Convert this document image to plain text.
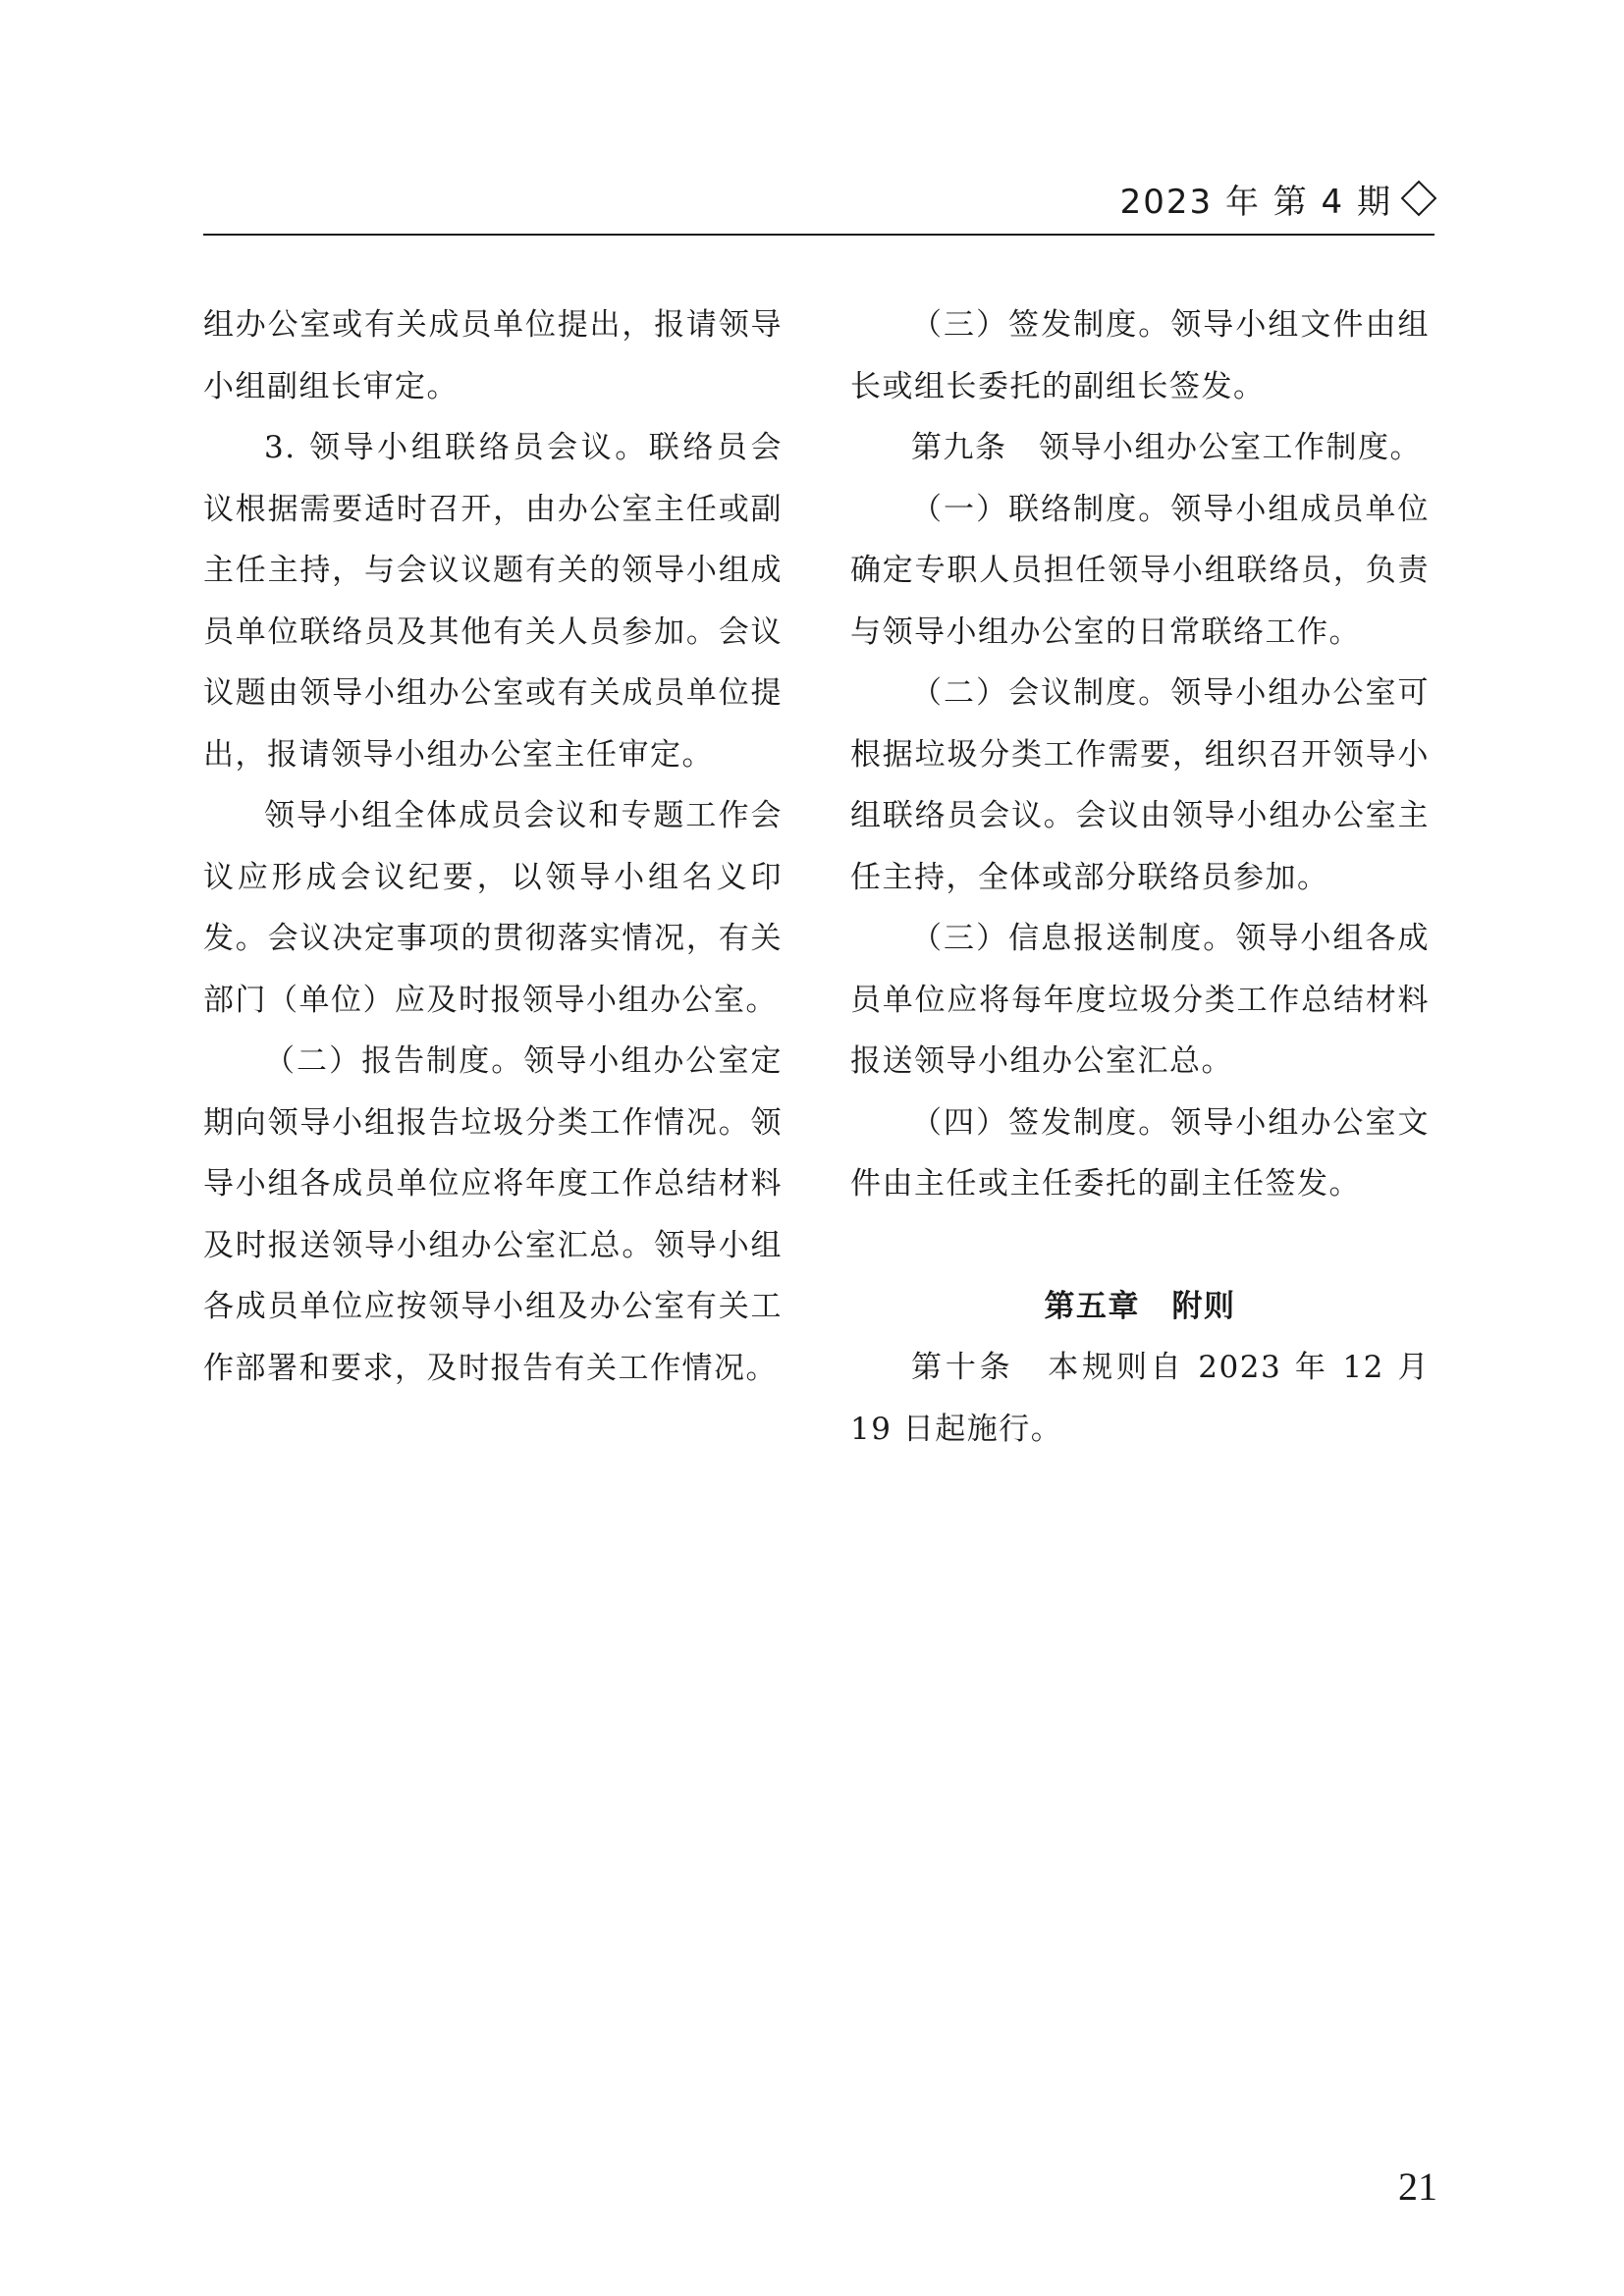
2023 年 第 4 期

组办公室或有关成员单位提出，报请领导小组副组长审定。

3. 领导小组联络员会议。联络员会议根据需要适时召开，由办公室主任或副主任主持，与会议议题有关的领导小组成员单位联络员及其他有关人员参加。会议议题由领导小组办公室或有关成员单位提出，报请领导小组办公室主任审定。

领导小组全体成员会议和专题工作会议应形成会议纪要，以领导小组名义印发。会议决定事项的贯彻落实情况，有关部门（单位）应及时报领导小组办公室。

（二）报告制度。领导小组办公室定期向领导小组报告垃圾分类工作情况。领导小组各成员单位应将年度工作总结材料及时报送领导小组办公室汇总。领导小组各成员单位应按领导小组及办公室有关工作部署和要求，及时报告有关工作情况。

（三）签发制度。领导小组文件由组长或组长委托的副组长签发。

第九条　领导小组办公室工作制度。

（一）联络制度。领导小组成员单位确定专职人员担任领导小组联络员，负责与领导小组办公室的日常联络工作。

（二）会议制度。领导小组办公室可根据垃圾分类工作需要，组织召开领导小组联络员会议。会议由领导小组办公室主任主持，全体或部分联络员参加。

（三）信息报送制度。领导小组各成员单位应将每年度垃圾分类工作总结材料报送领导小组办公室汇总。

（四）签发制度。领导小组办公室文件由主任或主任委托的副主任签发。

第五章　附则

第十条　本规则自 2023 年 12 月 19 日起施行。

21
